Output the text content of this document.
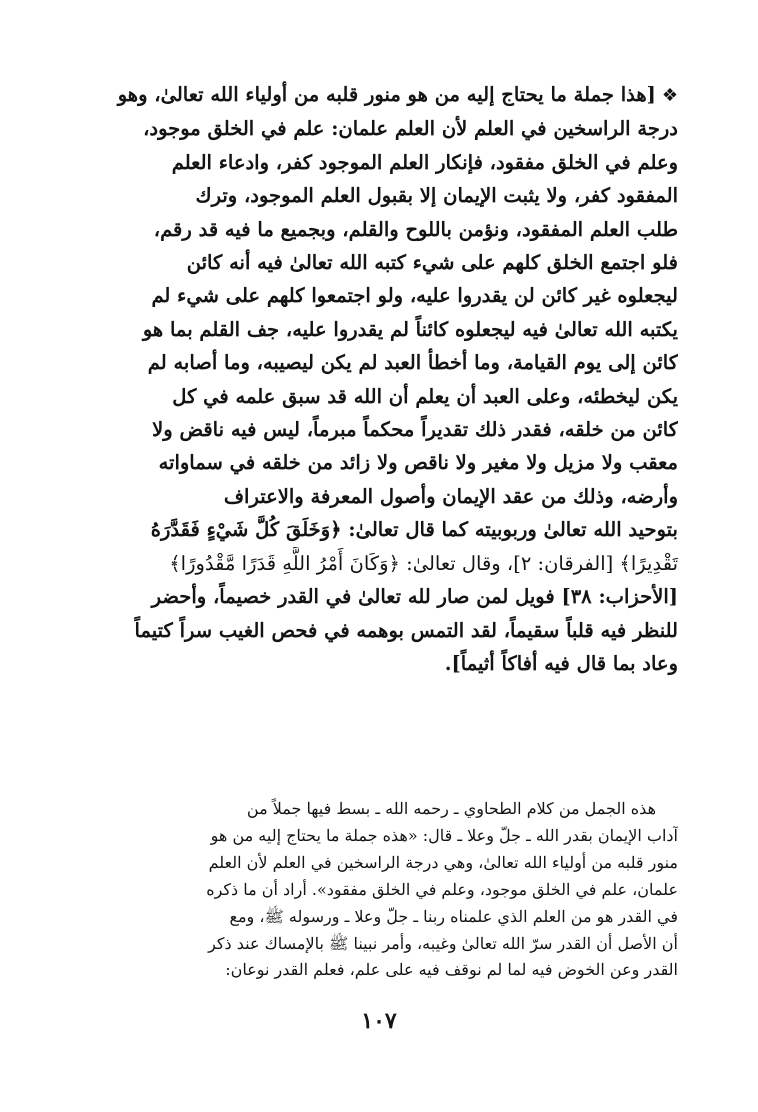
❖[هذا جملة ما يحتاج إليه من هو منور قلبه من أولياء الله تعالىٰ، وهو
درجة الراسخين في العلم لأن العلم علمان: علم في الخلق موجود،
وعلم في الخلق مفقود، فإنكار العلم الموجود كفر، وادعاء العلم
المفقود كفر، ولا يثبت الإيمان إلا بقبول العلم الموجود، وترك
طلب العلم المفقود، ونؤمن باللوح والقلم، وبجميع ما فيه قد رقم،
فلو اجتمع الخلق كلهم على شيء كتبه الله تعالىٰ فيه أنه كائن
ليجعلوه غير كائن لن يقدروا عليه، ولو اجتمعوا كلهم على شيء لم
يكتبه الله تعالىٰ فيه ليجعلوه كائناً لم يقدروا عليه، جف القلم بما هو
كائن إلى يوم القيامة، وما أخطأ العبد لم يكن ليصيبه، وما أصابه لم
يكن ليخطئه، وعلى العبد أن يعلم أن الله قد سبق علمه في كل
كائن من خلقه، فقدر ذلك تقديراً محكماً مبرماً، ليس فيه ناقض ولا
معقب ولا مزيل ولا مغير ولا ناقص ولا زائد من خلقه في سماواته
وأرضه، وذلك من عقد الإيمان وأصول المعرفة والاعتراف
بتوحيد الله تعالىٰ وربوبيته كما قال تعالىٰ: ﴿وَخَلَقَ كُلَّ شَيْءٍ فَقَدَّرَهُ
تَقْدِيرًا﴾ [الفرقان: ٢]، وقال تعالىٰ: ﴿وَكَانَ أَمْرُ اللَّهِ قَدَرًا مَّقْدُورًا﴾
[الأحزاب: ٣٨] فويل لمن صار لله تعالىٰ في القدر خصيماً، وأحضر
للنظر فيه قلباً سقيماً، لقد التمس بوهمه في فحص الغيب سراً كتيماً
وعاد بما قال فيه أفاكاً أثيماً].
هذه الجمل من كلام الطحاوي ـ رحمه الله ـ بسط فيها جملاً من
آداب الإيمان بقدر الله ـ جلّ وعلا ـ قال: «هذه جملة ما يحتاج إليه من هو
منور قلبه من أولياء الله تعالىٰ، وهي درجة الراسخين في العلم لأن العلم
علمان، علم في الخلق موجود، وعلم في الخلق مفقود». أراد أن ما ذكره
في القدر هو من العلم الذي علمناه ربنا ـ جلّ وعلا ـ ورسوله ﷺ، ومع
أن الأصل أن القدر سرّ الله تعالىٰ وغيبه، وأمر نبينا ﷺ بالإمساك عند ذكر
القدر وعن الخوض فيه لما لم نوقف فيه على علم، فعلم القدر نوعان:
١٠٧
